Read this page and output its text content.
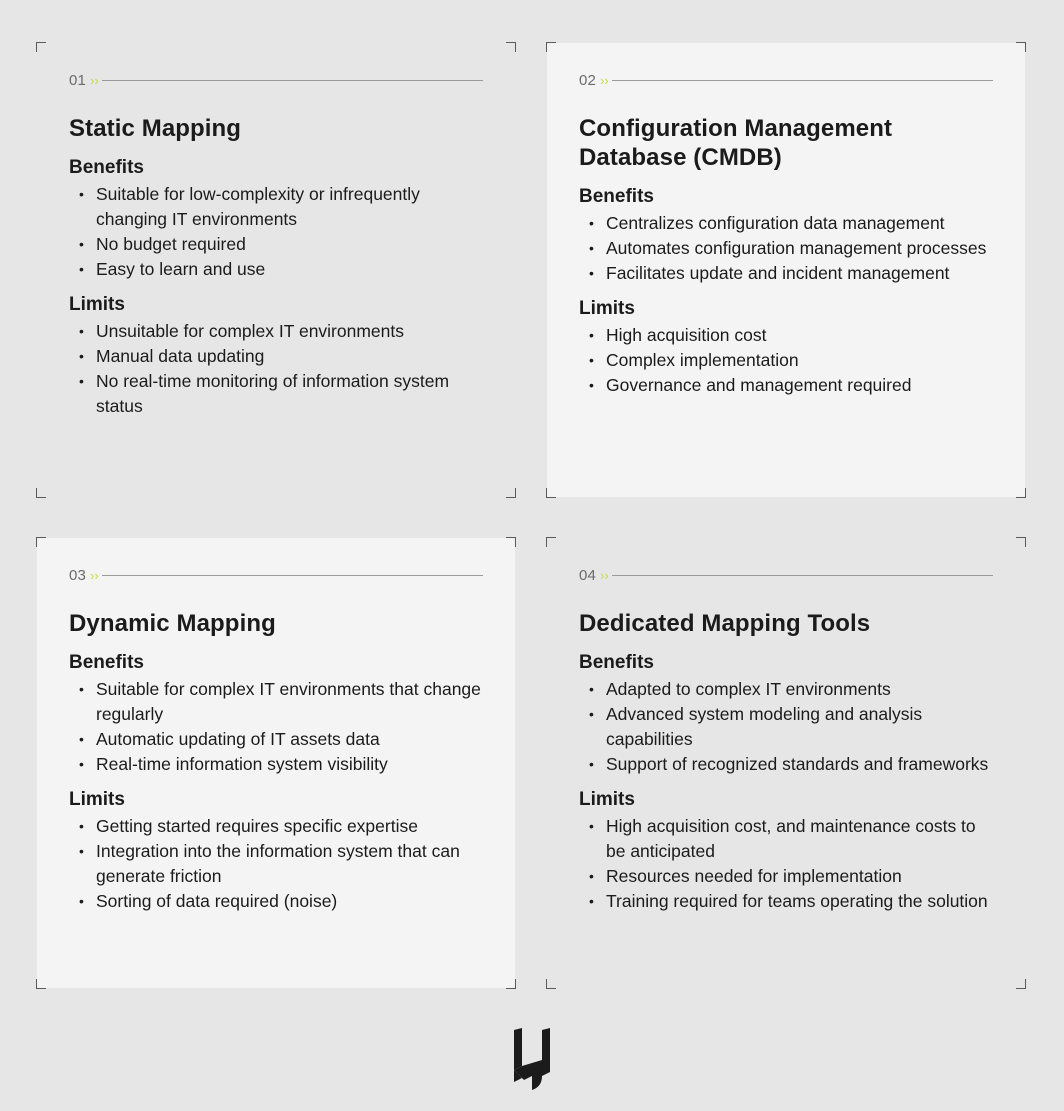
01 ››
Static Mapping
Benefits
• Suitable for low-complexity or infrequently changing IT environments
• No budget required
• Easy to learn and use
Limits
• Unsuitable for complex IT environments
• Manual data updating
• No real-time monitoring of information system status
02 ››
Configuration Management Database (CMDB)
Benefits
• Centralizes configuration data management
• Automates configuration management processes
• Facilitates update and incident management
Limits
• High acquisition cost
• Complex implementation
• Governance and management required
03 ››
Dynamic Mapping
Benefits
• Suitable for complex IT environments that change regularly
• Automatic updating of IT assets data
• Real-time information system visibility
Limits
• Getting started requires specific expertise
• Integration into the information system that can generate friction
• Sorting of data required (noise)
04 ››
Dedicated Mapping Tools
Benefits
• Adapted to complex IT environments
• Advanced system modeling and analysis capabilities
• Support of recognized standards and frameworks
Limits
• High acquisition cost, and maintenance costs to be anticipated
• Resources needed for implementation
• Training required for teams operating the solution
